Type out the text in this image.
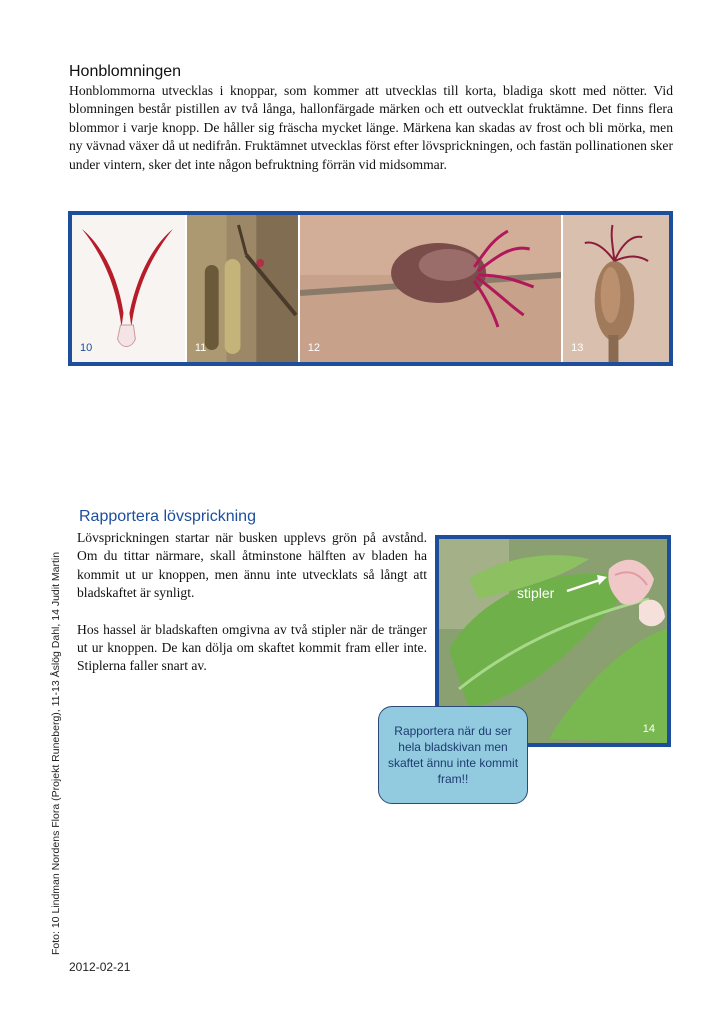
Honblomningen
Honblommorna utvecklas i knoppar, som kommer att utvecklas till korta, bladiga skott med nötter. Vid blomningen består pistillen av två långa, hallonfärgade märken och ett outvecklat fruktämne. Det finns flera blommor i varje knopp. De håller sig fräscha mycket länge. Märkena kan skadas av frost och bli mörka, men ny vävnad växer då ut nedifrån. Fruktämnet utvecklas först efter lövsprickningen, och fastän pollinationen sker under vintern, sker det inte någon befruktning förrän vid midsommar.
10	11	12	13
Rapportera lövsprickning

Lövsprickningen startar när busken upplevs grön på avstånd. Om du tittar närmare, skall åtminstone hälften av bladen ha kommit ut ur knoppen, men ännu inte utvecklats så långt att bladskaftet är synligt.

Hos hassel är bladskaften omgivna av två stipler när de tränger ut ur knoppen. De kan dölja om skaftet kommit fram eller inte. Stiplerna faller snart av.

stipler
14
Rapportera när du ser hela bladskivan men skaftet ännu inte kommit fram!!
Foto: 10 Lindman Nordens Flora (Projekt Runeberg), 11-13 Åslög Dahl, 14 Judit Martin
2012-02-21
